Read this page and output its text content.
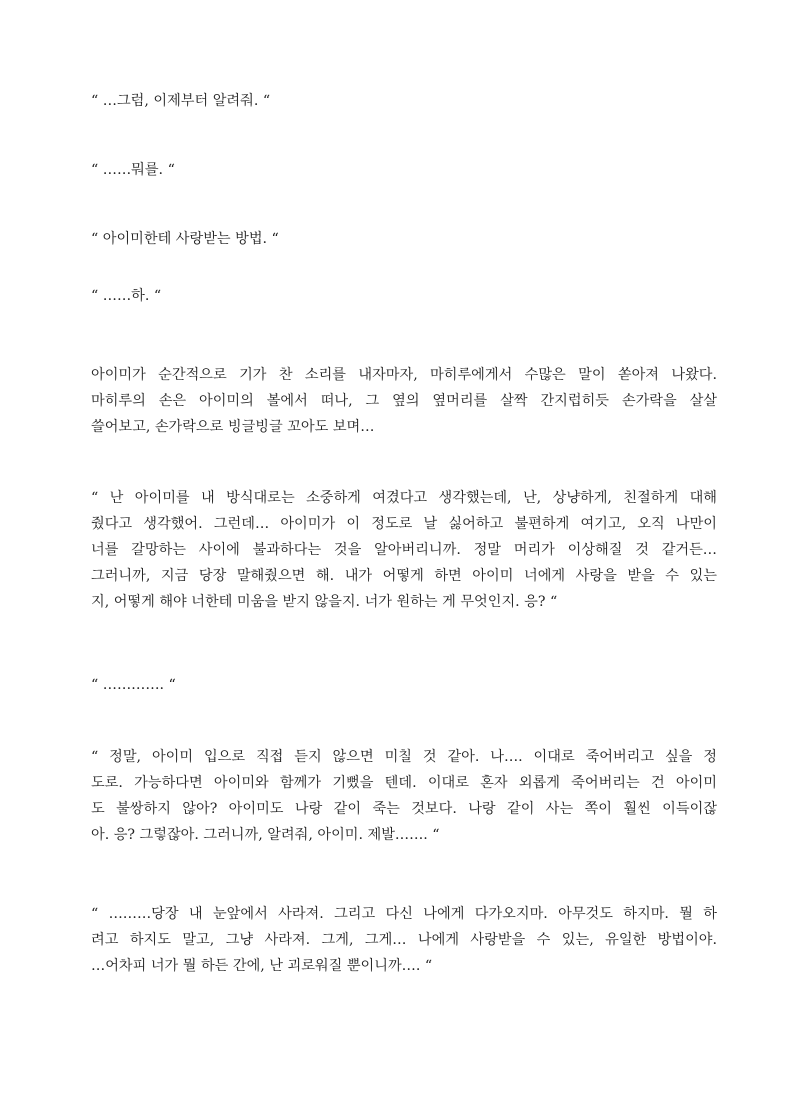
“ …그럼, 이제부터 알려줘. “
“ ……뭐를. “
“ 아이미한테 사랑받는 방법. “
“ ……하. “
아이미가 순간적으로 기가 찬 소리를 내자마자, 마히루에게서 수많은 말이 쏟아져 나왔다.
마히루의 손은 아이미의 볼에서 떠나, 그 옆의 옆머리를 살짝 간지럽히듯 손가락을 살살
쓸어보고, 손가락으로 빙글빙글 꼬아도 보며…
“ 난 아이미를 내 방식대로는 소중하게 여겼다고 생각했는데, 난, 상냥하게, 친절하게 대해
줬다고 생각했어. 그런데… 아이미가 이 정도로 날 싫어하고 불편하게 여기고, 오직 나만이
너를 갈망하는 사이에 불과하다는 것을 알아버리니까. 정말 머리가 이상해질 것 같거든…
그러니까, 지금 당장 말해줬으면 해. 내가 어떻게 하면 아이미 너에게 사랑을 받을 수 있는
지, 어떻게 해야 너한테 미움을 받지 않을지. 너가 원하는 게 무엇인지. 응? “
“ …………. “
“ 정말, 아이미 입으로 직접 듣지 않으면 미칠 것 같아. 나…. 이대로 죽어버리고 싶을 정
도로. 가능하다면 아이미와 함께가 기뻤을 텐데. 이대로 혼자 외롭게 죽어버리는 건 아이미
도 불쌍하지 않아? 아이미도 나랑 같이 죽는 것보다. 나랑 같이 사는 쪽이 훨씬 이득이잖
아. 응? 그렇잖아. 그러니까, 알려줘, 아이미. 제발……. “
“ ………당장 내 눈앞에서 사라져. 그리고 다신 나에게 다가오지마. 아무것도 하지마. 뭘 하
려고 하지도 말고, 그냥 사라져. 그게, 그게… 나에게 사랑받을 수 있는, 유일한 방법이야.
…어차피 너가 뭘 하든 간에, 난 괴로워질 뿐이니까…. “
